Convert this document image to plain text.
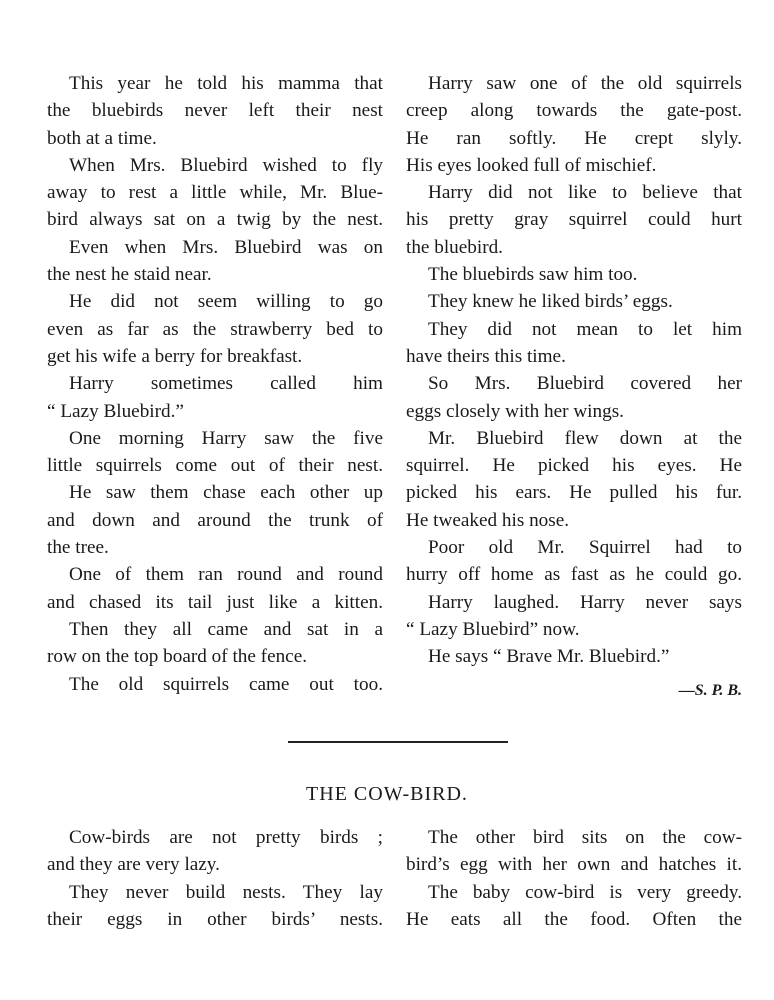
This year he told his mamma that
the bluebirds never left their nest
both at a time.
When Mrs. Bluebird wished to fly
away to rest a little while, Mr. Blue-
bird always sat on a twig by the nest.
Even when Mrs. Bluebird was on
the nest he staid near.
He did not seem willing to go
even as far as the strawberry bed to
get his wife a berry for breakfast.
Harry sometimes called him
“ Lazy Bluebird.”
One morning Harry saw the five
little squirrels come out of their nest.
He saw them chase each other up
and down and around the trunk of
the tree.
One of them ran round and round
and chased its tail just like a kitten.
Then they all came and sat in a
row on the top board of the fence.
The old squirrels came out too.
Harry saw one of the old squirrels
creep along towards the gate-post.
He ran softly. He crept slyly.
His eyes looked full of mischief.
Harry did not like to believe that
his pretty gray squirrel could hurt
the bluebird.
The bluebirds saw him too.
They knew he liked birds’ eggs.
They did not mean to let him
have theirs this time.
So Mrs. Bluebird covered her
eggs closely with her wings.
Mr. Bluebird flew down at the
squirrel. He picked his eyes. He
picked his ears. He pulled his fur.
He tweaked his nose.
Poor old Mr. Squirrel had to
hurry off home as fast as he could go.
Harry laughed. Harry never says
“ Lazy Bluebird” now.
He says “ Brave Mr. Bluebird.”
—S. P. B.
THE COW-BIRD.
Cow-birds are not pretty birds ;
and they are very lazy.
They never build nests. They lay
their eggs in other birds’ nests.
The other bird sits on the cow-
bird’s egg with her own and hatches it.
The baby cow-bird is very greedy.
He eats all the food. Often the
